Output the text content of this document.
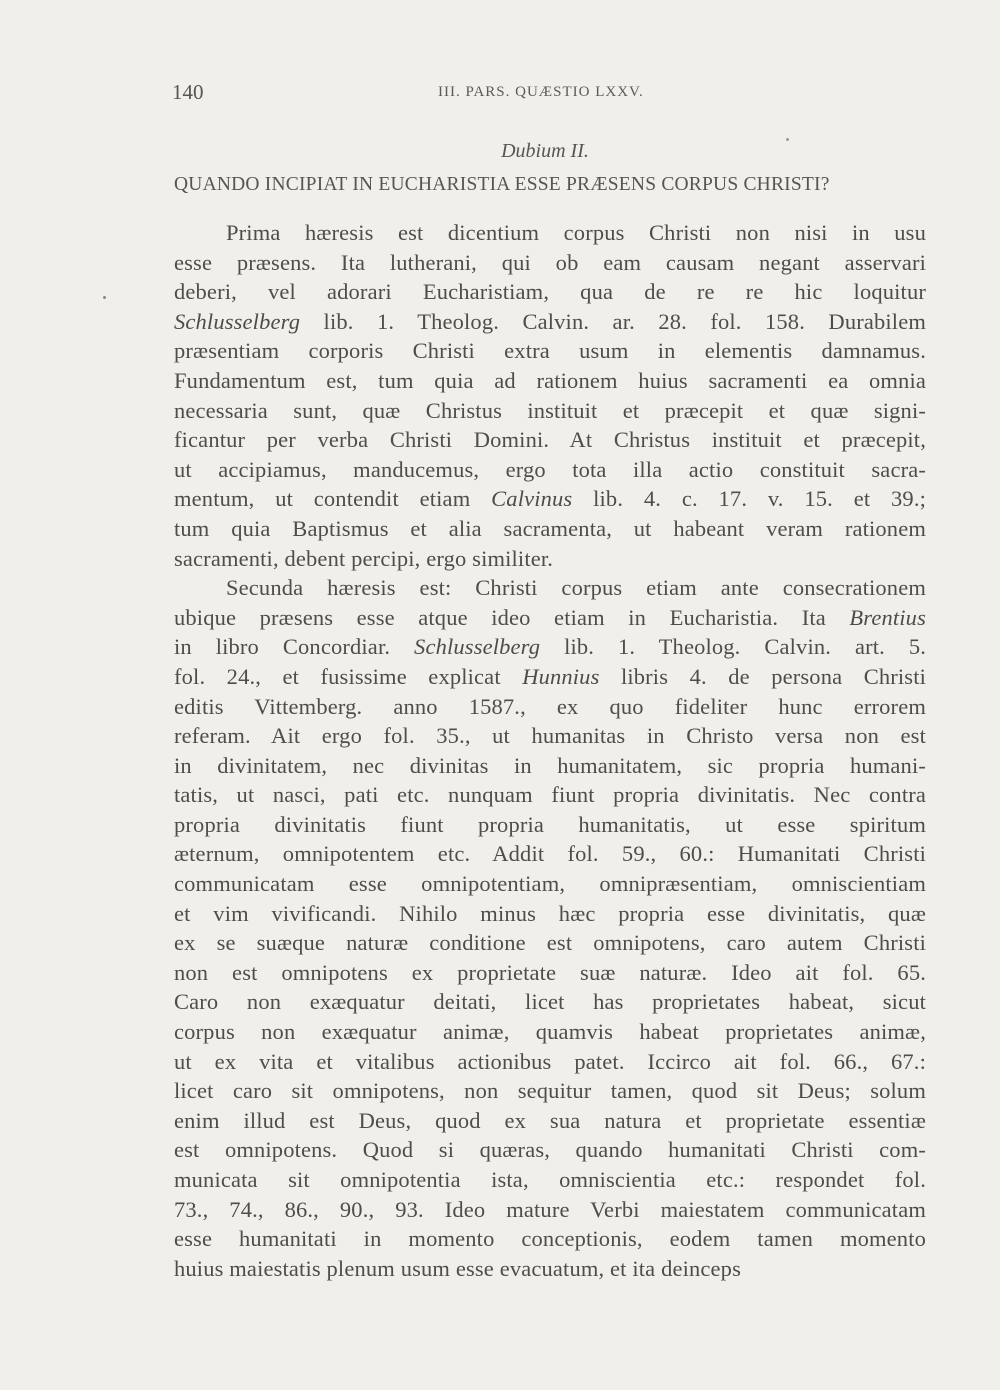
140	III. PARS. QUÆSTIO LXXV.
Dubium II.
QUANDO INCIPIAT IN EUCHARISTIA ESSE PRÆSENS CORPUS CHRISTI?
Prima hæresis est dicentium corpus Christi non nisi in usu
esse præsens. Ita lutherani, qui ob eam causam negant asservari
deberi, vel adorari Eucharistiam, qua de re re hic loquitur
Schlusselberg lib. 1. Theolog. Calvin. ar. 28. fol. 158. Durabilem
præsentiam corporis Christi extra usum in elementis damnamus.
Fundamentum est, tum quia ad rationem huius sacramenti ea omnia
necessaria sunt, quæ Christus instituit et præcepit et quæ signi-
ficantur per verba Christi Domini. At Christus instituit et præcepit,
ut accipiamus, manducemus, ergo tota illa actio constituit sacra-
mentum, ut contendit etiam Calvinus lib. 4. c. 17. v. 15. et 39.;
tum quia Baptismus et alia sacramenta, ut habeant veram rationem
sacramenti, debent percipi, ergo similiter.
Secunda hæresis est: Christi corpus etiam ante consecrationem
ubique præsens esse atque ideo etiam in Eucharistia. Ita Brentius
in libro Concordiar. Schlusselberg lib. 1. Theolog. Calvin. art. 5.
fol. 24., et fusissime explicat Hunnius libris 4. de persona Christi
editis Vittemberg. anno 1587., ex quo fideliter hunc errorem
referam. Ait ergo fol. 35., ut humanitas in Christo versa non est
in divinitatem, nec divinitas in humanitatem, sic propria humani-
tatis, ut nasci, pati etc. nunquam fiunt propria divinitatis. Nec contra
propria divinitatis fiunt propria humanitatis, ut esse spiritum
æternum, omnipotentem etc. Addit fol. 59., 60.: Humanitati Christi
communicatam esse omnipotentiam, omnipræsentiam, omniscientiam
et vim vivificandi. Nihilo minus hæc propria esse divinitatis, quæ
ex se suæque naturæ conditione est omnipotens, caro autem Christi
non est omnipotens ex proprietate suæ naturæ. Ideo ait fol. 65.
Caro non exæquatur deitati, licet has proprietates habeat, sicut
corpus non exæquatur animæ, quamvis habeat proprietates animæ,
ut ex vita et vitalibus actionibus patet. Iccirco ait fol. 66., 67.:
licet caro sit omnipotens, non sequitur tamen, quod sit Deus; solum
enim illud est Deus, quod ex sua natura et proprietate essentiæ
est omnipotens. Quod si quæras, quando humanitati Christi com-
municata sit omnipotentia ista, omniscientia etc.: respondet fol.
73., 74., 86., 90., 93. Ideo mature Verbi maiestatem communicatam
esse humanitati in momento conceptionis, eodem tamen momento
huius maiestatis plenum usum esse evacuatum, et ita deinceps
